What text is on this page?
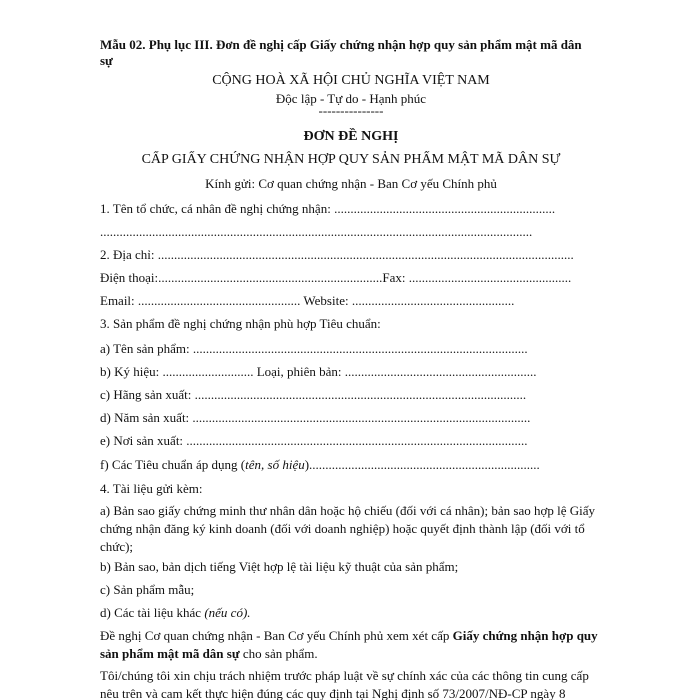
Mẫu 02. Phụ lục III. Đơn đề nghị cấp Giấy chứng nhận hợp quy sản phẩm mật mã dân
sự
CỘNG HOÀ XÃ HỘI CHỦ NGHĨA VIỆT NAM
Độc lập - Tự do - Hạnh phúc
---------------
ĐƠN ĐỀ NGHỊ
CẤP GIẤY CHỨNG NHẬN HỢP QUY SẢN PHẨM MẬT MÃ DÂN SỰ
Kính gửi: Cơ quan chứng nhận - Ban Cơ yếu Chính phủ
1. Tên tổ chức, cá nhân đề nghị chứng nhận: ....................................................................
.....................................................................................................................................
2. Địa chỉ: ................................................................................................................................
Điện thoại:.....................................................................Fax: ..................................................
Email: .................................................. Website: ..................................................
3. Sản phẩm đề nghị chứng nhận phù hợp Tiêu chuẩn:
a) Tên sản phẩm: .......................................................................................................
b) Ký hiệu: ............................ Loại, phiên bản: ...........................................................
c) Hãng sản xuất: ......................................................................................................
d) Năm sản xuất: ........................................................................................................
e) Nơi sản xuất: .........................................................................................................
f) Các Tiêu chuẩn áp dụng (tên, số hiệu).......................................................................
4. Tài liệu gửi kèm:
a) Bản sao giấy chứng minh thư nhân dân hoặc hộ chiếu (đối với cá nhân); bản sao hợp lệ Giấy chứng nhận đăng ký kinh doanh (đối với doanh nghiệp) hoặc quyết định thành lập (đối với tổ chức);
b) Bản sao, bản dịch tiếng Việt hợp lệ tài liệu kỹ thuật của sản phẩm;
c) Sản phẩm mẫu;
d) Các tài liệu khác (nếu có).
Đề nghị Cơ quan chứng nhận - Ban Cơ yếu Chính phủ xem xét cấp Giấy chứng nhận hợp quy sản phẩm mật mã dân sự cho sản phẩm.
Tôi/chúng tôi xin chịu trách nhiệm trước pháp luật về sự chính xác của các thông tin cung cấp nêu trên và cam kết thực hiện đúng các quy định tại Nghị định số 73/2007/NĐ-CP ngày 8
